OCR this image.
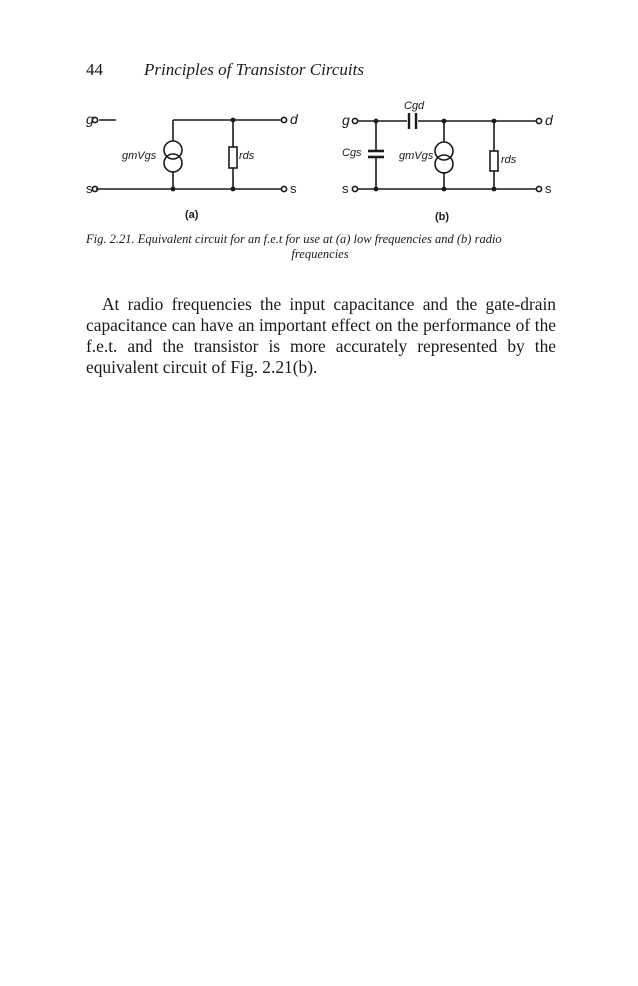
44 Principles of Transistor Circuits
g	d
s	s
gmVgs	rds
(a)
Cgd
g	d
s	s
Cgs	gmVgs	rds
(b)
Fig. 2.21. Equivalent circuit for an f.e.t for use at (a) low frequencies and (b) radio
frequencies

At radio frequencies the input capacitance and the gate-drain capacitance can have an important effect on the performance of the f.e.t. and the transistor is more accurately represented by the equivalent circuit of Fig. 2.21(b).
